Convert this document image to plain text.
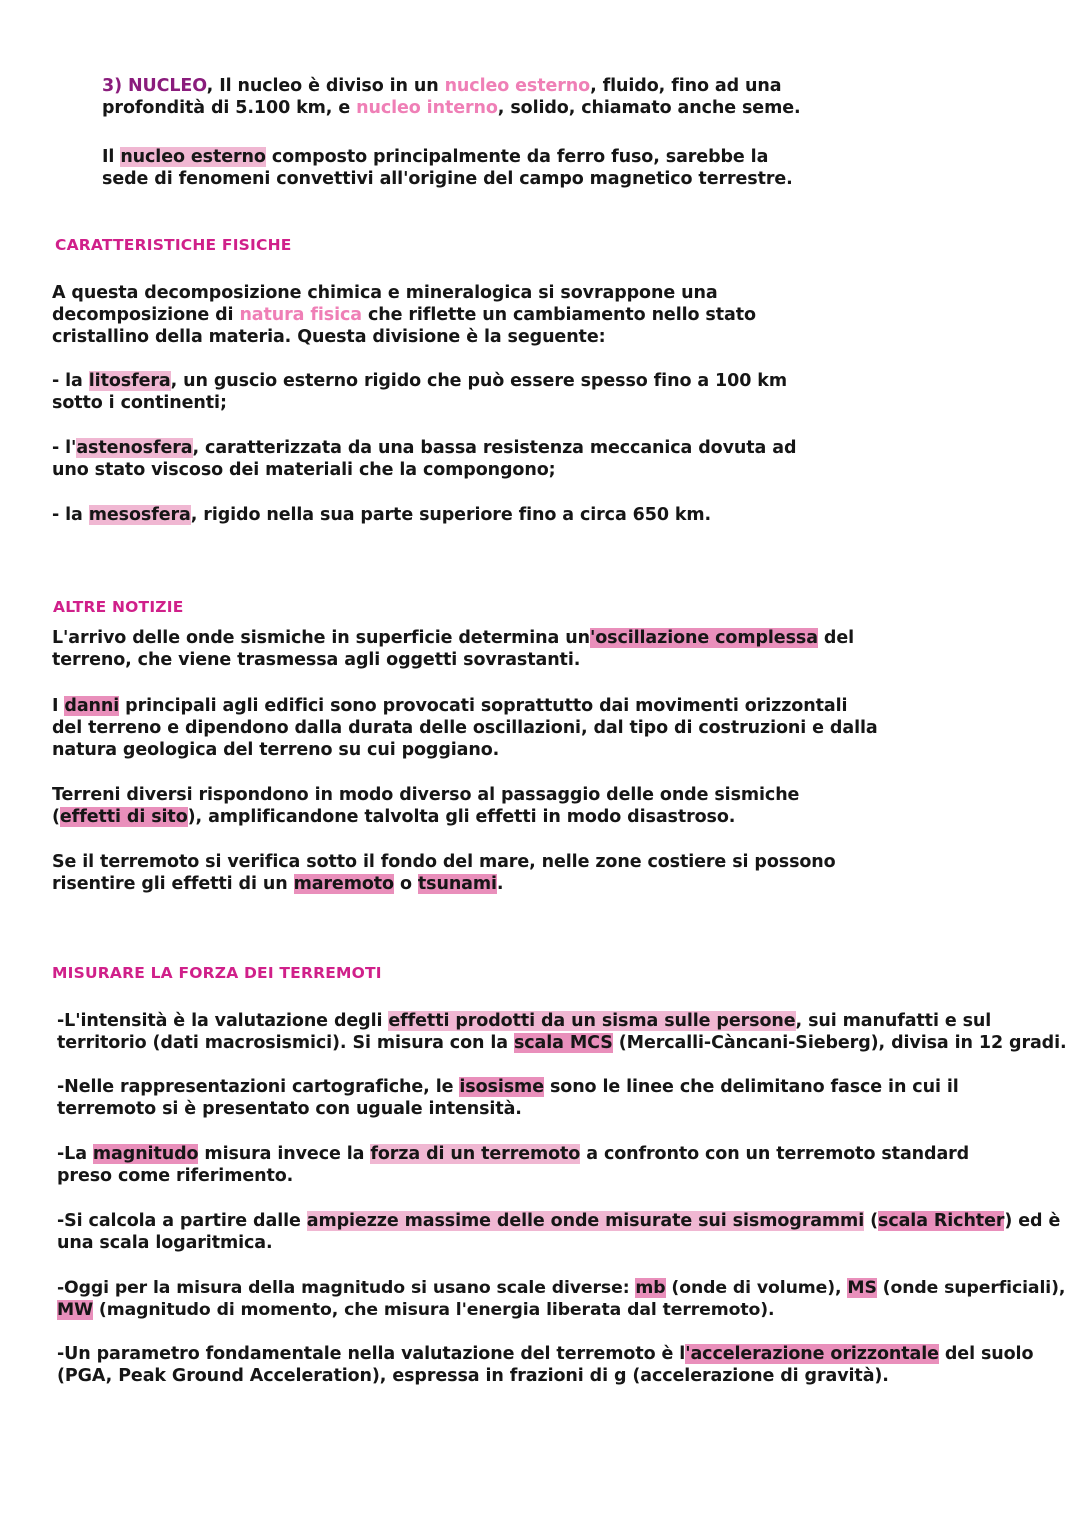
3) NUCLEO, Il nucleo è diviso in un nucleo esterno, fluido, fino ad una
profondità di 5.100 km, e nucleo interno, solido, chiamato anche seme.
Il nucleo esterno composto principalmente da ferro fuso, sarebbe la
sede di fenomeni convettivi all'origine del campo magnetico terrestre.
CARATTERISTICHE FISICHE
A questa decomposizione chimica e mineralogica si sovrappone una
decomposizione di natura fisica che riflette un cambiamento nello stato
cristallino della materia. Questa divisione è la seguente:
- la litosfera, un guscio esterno rigido che può essere spesso fino a 100 km
sotto i continenti;
- l'astenosfera, caratterizzata da una bassa resistenza meccanica dovuta ad
uno stato viscoso dei materiali che la compongono;
- la mesosfera, rigido nella sua parte superiore fino a circa 650 km.
ALTRE NOTIZIE
L'arrivo delle onde sismiche in superficie determina un'oscillazione complessa del
terreno, che viene trasmessa agli oggetti sovrastanti.
I danni principali agli edifici sono provocati soprattutto dai movimenti orizzontali
del terreno e dipendono dalla durata delle oscillazioni, dal tipo di costruzioni e dalla
natura geologica del terreno su cui poggiano.
Terreni diversi rispondono in modo diverso al passaggio delle onde sismiche
(effetti di sito), amplificandone talvolta gli effetti in modo disastroso.
Se il terremoto si verifica sotto il fondo del mare, nelle zone costiere si possono
risentire gli effetti di un maremoto o tsunami.
MISURARE LA FORZA DEI TERREMOTI
-L'intensità è la valutazione degli effetti prodotti da un sisma sulle persone, sui manufatti e sul
territorio (dati macrosismici). Si misura con la scala MCS (Mercalli-Càncani-Sieberg), divisa in 12 gradi.
-Nelle rappresentazioni cartografiche, le isosisme sono le linee che delimitano fasce in cui il
terremoto si è presentato con uguale intensità.
-La magnitudo misura invece la forza di un terremoto a confronto con un terremoto standard
preso come riferimento.
-Si calcola a partire dalle ampiezze massime delle onde misurate sui sismogrammi (scala Richter) ed è
una scala logaritmica.
-Oggi per la misura della magnitudo si usano scale diverse: mb (onde di volume), MS (onde superficiali),
MW (magnitudo di momento, che misura l'energia liberata dal terremoto).
-Un parametro fondamentale nella valutazione del terremoto è l'accelerazione orizzontale del suolo
(PGA, Peak Ground Acceleration), espressa in frazioni di g (accelerazione di gravità).
